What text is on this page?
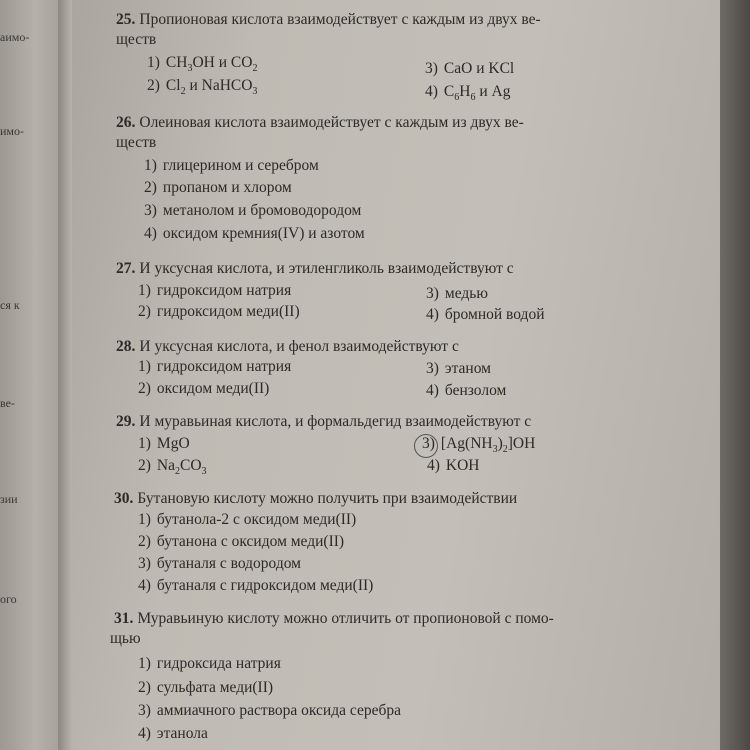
аимо-
имо-
ся к
ве-
зии
ого
25. Пропионовая кислота взаимодействует с каждым из двух ве-
ществ
1) $CH_3OH$ и $CO_2$
2) $Cl_2$ и NaHCO$_3$
3) CaO и KCl
4) $C_6H_6$ и Ag
26. Олеиновая кислота взаимодействует с каждым из двух ве-
ществ
1) глицерином и серебром
2) пропаном и хлором
3) метанолом и бромоводородом
4) оксидом кремния(IV) и азотом
27. И уксусная кислота, и этиленгликоль взаимодействуют с
1) гидроксидом натрия
2) гидроксидом меди(II)
3) медью
4) бромной водой
28. И уксусная кислота, и фенол взаимодействуют с
1) гидроксидом натрия
2) оксидом меди(II)
3) этаном
4) бензолом
29. И муравьиная кислота, и формальдегид взаимодействуют с
1) MgO
2) $Na_2CO_3$
3) $[Ag(NH_3)_2]OH$
4) KOH
30. Бутановую кислоту можно получить при взаимодействии
1) бутанола-2 с оксидом меди(II)
2) бутанона с оксидом меди(II)
3) бутаналя с водородом
4) бутаналя с гидроксидом меди(II)
31. Муравьиную кислоту можно отличить от пропионовой с помо-
щью
1) гидроксида натрия
2) сульфата меди(II)
3) аммиачного раствора оксида серебра
4) этанола
